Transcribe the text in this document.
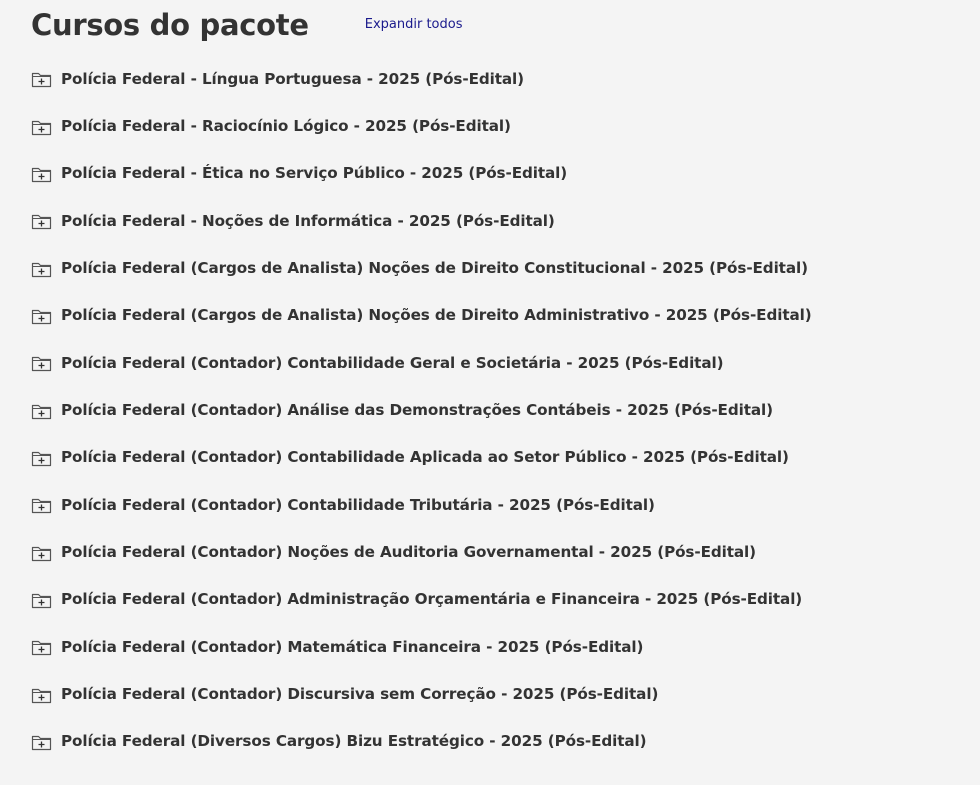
Cursos do pacote	Expandir todos
Polícia Federal - Língua Portuguesa - 2025 (Pós-Edital)
Polícia Federal - Raciocínio Lógico - 2025 (Pós-Edital)
Polícia Federal - Ética no Serviço Público - 2025 (Pós-Edital)
Polícia Federal - Noções de Informática - 2025 (Pós-Edital)
Polícia Federal (Cargos de Analista) Noções de Direito Constitucional - 2025 (Pós-Edital)
Polícia Federal (Cargos de Analista) Noções de Direito Administrativo - 2025 (Pós-Edital)
Polícia Federal (Contador) Contabilidade Geral e Societária - 2025 (Pós-Edital)
Polícia Federal (Contador) Análise das Demonstrações Contábeis - 2025 (Pós-Edital)
Polícia Federal (Contador) Contabilidade Aplicada ao Setor Público - 2025 (Pós-Edital)
Polícia Federal (Contador) Contabilidade Tributária - 2025 (Pós-Edital)
Polícia Federal (Contador) Noções de Auditoria Governamental - 2025 (Pós-Edital)
Polícia Federal (Contador) Administração Orçamentária e Financeira - 2025 (Pós-Edital)
Polícia Federal (Contador) Matemática Financeira - 2025 (Pós-Edital)
Polícia Federal (Contador) Discursiva sem Correção - 2025 (Pós-Edital)
Polícia Federal (Diversos Cargos) Bizu Estratégico - 2025 (Pós-Edital)
